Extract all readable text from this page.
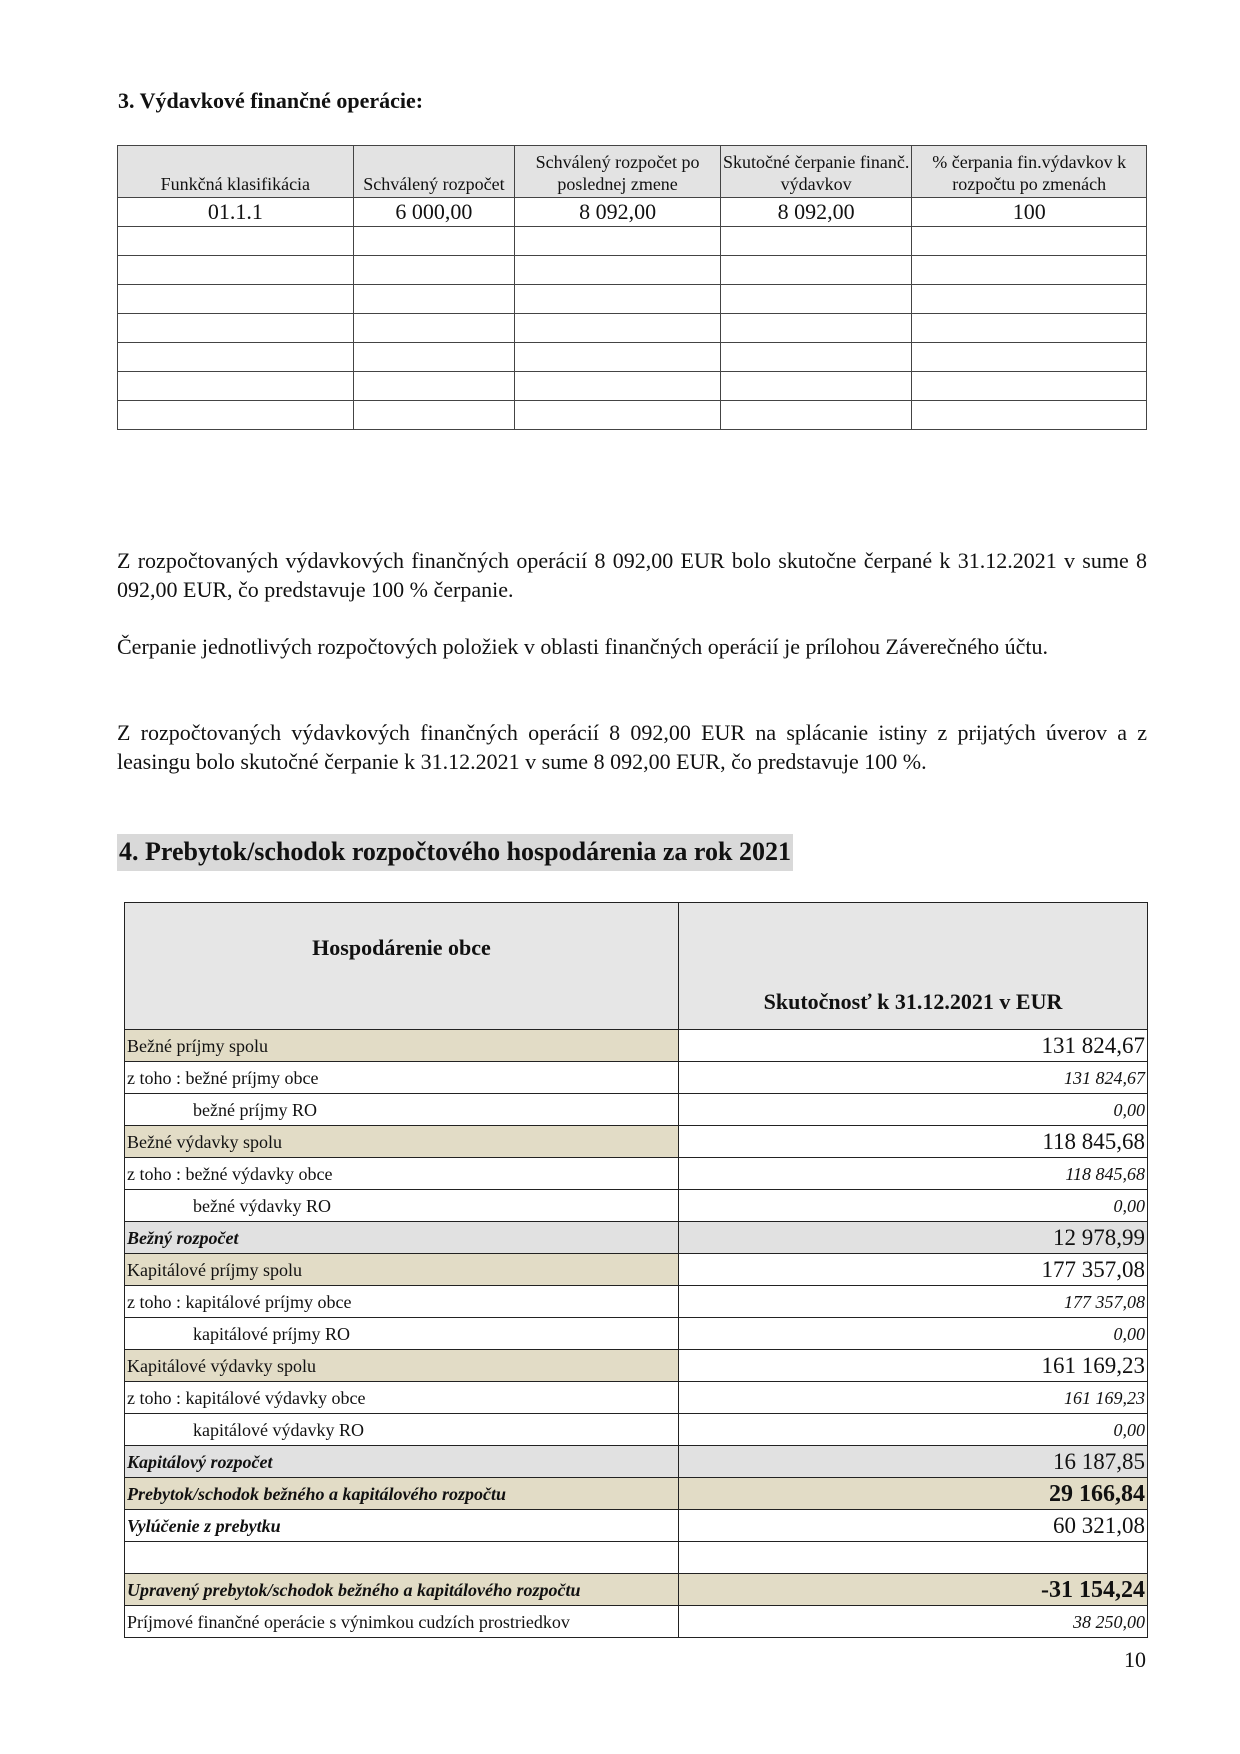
3. Výdavkové finančné operácie:
Funkčná klasifikácia	Schválený rozpočet	Schválený rozpočet po poslednej zmene	Skutočné čerpanie finanč. výdavkov	% čerpania fin.výdavkov k rozpočtu po zmenách
01.1.1	6 000,00	8 092,00	8 092,00	100

Z rozpočtovaných výdavkových finančných operácií 8 092,00 EUR bolo skutočne čerpané k 31.12.2021 v sume 8 092,00 EUR, čo predstavuje 100 % čerpanie.
Čerpanie jednotlivých rozpočtových položiek v oblasti finančných operácií je prílohou Záverečného účtu.
Z rozpočtovaných výdavkových finančných operácií 8 092,00 EUR na splácanie istiny z prijatých úverov a z leasingu bolo skutočné čerpanie k 31.12.2021 v sume 8 092,00 EUR, čo predstavuje 100 %.
4. Prebytok/schodok rozpočtového hospodárenia za rok 2021
Hospodárenie obce	Skutočnosť k 31.12.2021 v EUR
Bežné príjmy spolu	131 824,67
z toho : bežné príjmy obce	131 824,67
bežné príjmy RO	0,00
Bežné výdavky spolu	118 845,68
z toho : bežné výdavky obce	118 845,68
bežné výdavky RO	0,00
Bežný rozpočet	12 978,99
Kapitálové príjmy spolu	177 357,08
z toho : kapitálové príjmy obce	177 357,08
kapitálové príjmy RO	0,00
Kapitálové výdavky spolu	161 169,23
z toho : kapitálové výdavky obce	161 169,23
kapitálové výdavky RO	0,00
Kapitálový rozpočet	16 187,85
Prebytok/schodok bežného a kapitálového rozpočtu	29 166,84
Vylúčenie z prebytku	60 321,08

Upravený prebytok/schodok bežného a kapitálového rozpočtu	-31 154,24
Príjmové finančné operácie s výnimkou cudzích prostriedkov	38 250,00
10
